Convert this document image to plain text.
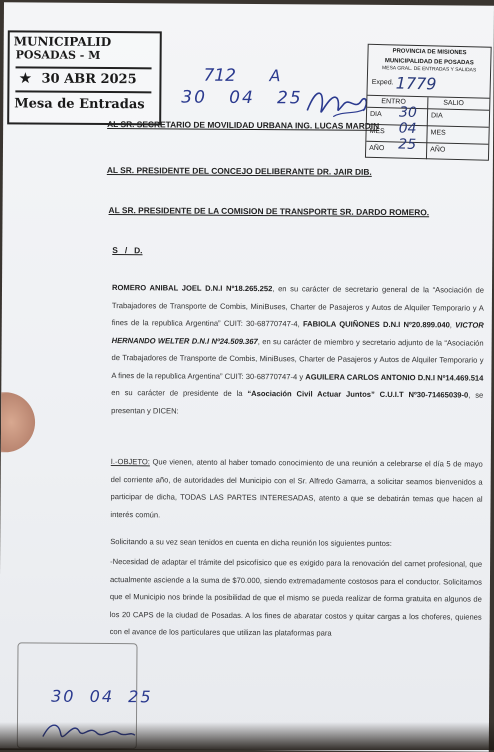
MUNICIPALID
POSADAS - M
★ 30 ABR 2025
Mesa de Entradas
712 A
30   04   25
PROVINCIA DE MISIONES
MUNICIPALIDAD DE POSADAS
MESA GRAL. DE ENTRADAS Y SALIDAS
Exped. 1779
ENTRO	SALIO
DIA
MES
AÑO
DIA
MES
AÑO
30
04
25
AL SR. SECRETARIO DE MOVILIDAD URBANA ING. LUCAS MARDIN
AL SR. PRESIDENTE DEL CONCEJO DELIBERANTE DR. JAIR DIB.
AL SR. PRESIDENTE DE LA COMISION DE TRANSPORTE SR. DARDO ROMERO.
S   /   D.
ROMERO ANIBAL JOEL D.N.I Nº18.265.252, en su carácter de secretario general de la “Asociación de Trabajadores de Transporte de Combis, MiniBuses, Charter de Pasajeros y Autos de Alquiler Temporario y A fines de la republica Argentina” CUIT: 30-68770747-4, FABIOLA QUIÑONES D.N.I Nº20.899.040, VICTOR HERNANDO WELTER D.N.I Nº24.509.367, en su carácter de miembro y secretario adjunto de la “Asociación de Trabajadores de Transporte de Combis, MiniBuses, Charter de Pasajeros y Autos de Alquiler Temporario y A fines de la republica Argentina” CUIT: 30-68770747-4 y AGUILERA CARLOS ANTONIO D.N.I Nº14.469.514 en su carácter de presidente de la “Asociación Civil Actuar Juntos” C.U.I.T Nº30-71465039-0, se presentan y DICEN:
I.-OBJETO: Que vienen, atento al haber tomado conocimiento de una reunión a celebrarse el día 5 de mayo del corriente año, de autoridades del Municipio con el Sr. Alfredo Gamarra, a solicitar seamos bienvenidos a participar de dicha, TODAS LAS PARTES INTERESADAS, atento a que se debatirán temas que hacen al interés común.
Solicitando a su vez sean tenidos en cuenta en dicha reunión los siguientes puntos:
-Necesidad de adaptar el trámite del psicofísico que es exigido para la renovación del carnet profesional, que actualmente asciende a la suma de $70.000, siendo extremadamente costosos para el conductor. Solicitamos que el Municipio nos brinde la posibilidad de que el mismo se pueda realizar de forma gratuita en algunos de los 20 CAPS de la ciudad de Posadas. A los fines de abaratar costos y quitar cargas a los choferes, quienes con el avance de los particulares que utilizan las plataformas para
30  04  25
